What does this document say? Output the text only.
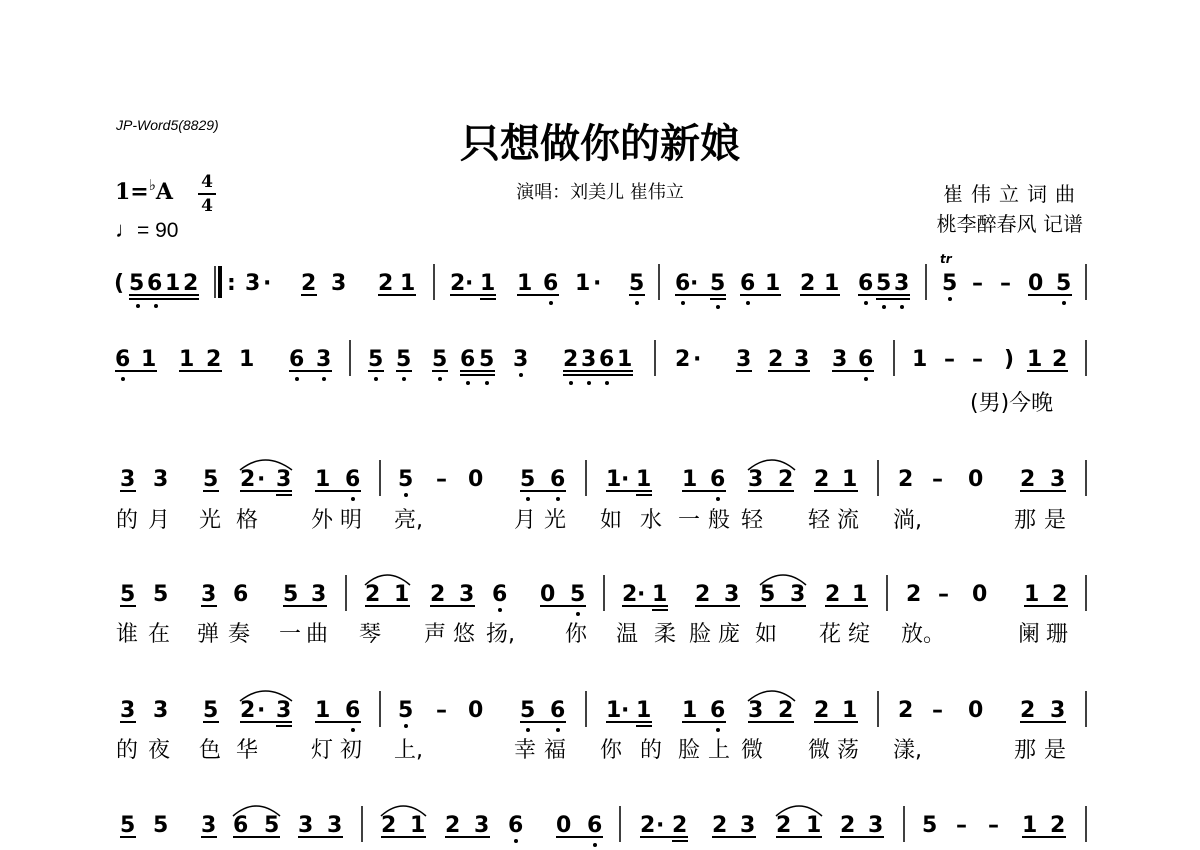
JP-Word5(8829)	只想做你的新娘
1=♭A 4
4
♩= 90
演唱：刘美儿 崔伟立	崔伟立词曲
桃李醉春风 记谱
( 5 6 1 2 : 3 · 2 3 2 1 2 · 1 1 6 1 · 5 6 · 5 6 1 2 1 6 5 3
tr
5 – – 0 5
6 1 1 2 1 6 3 5 5 5 6 5 3 2 3 6 1 2 · 3 2 3 3 6 1 – – ) 1 2
(男)今晚
3 3 5 2 · 3 1 6 5 – 0 5 6 1 · 1 1 6 3 2 2 1 2 – 0 2 3
的 月 光 格 外 明 亮,	月 光 如 水 一 般 轻 轻 流 淌,	那 是
5 5 3 6 5 3 2 1 2 3 6 0 5 2 · 1 2 3 5 3 2 1 2 – 0 1 2
谁 在 弹 奏 一 曲 琴 声 悠 扬, 你 温 柔 脸 庞 如 花 绽 放。	阑 珊
3 3 5 2 · 3 1 6 5 – 0 5 6 1 · 1 1 6 3 2 2 1 2 – 0 2 3
的 夜 色 华 灯 初 上,	幸 福 你 的 脸 上 微 微 荡 漾,	那 是
5 5 3 6 5 3 3 2 1 2 3 6 0 6 2 · 2 2 3 2 1 2 3 5 – – 1 2
